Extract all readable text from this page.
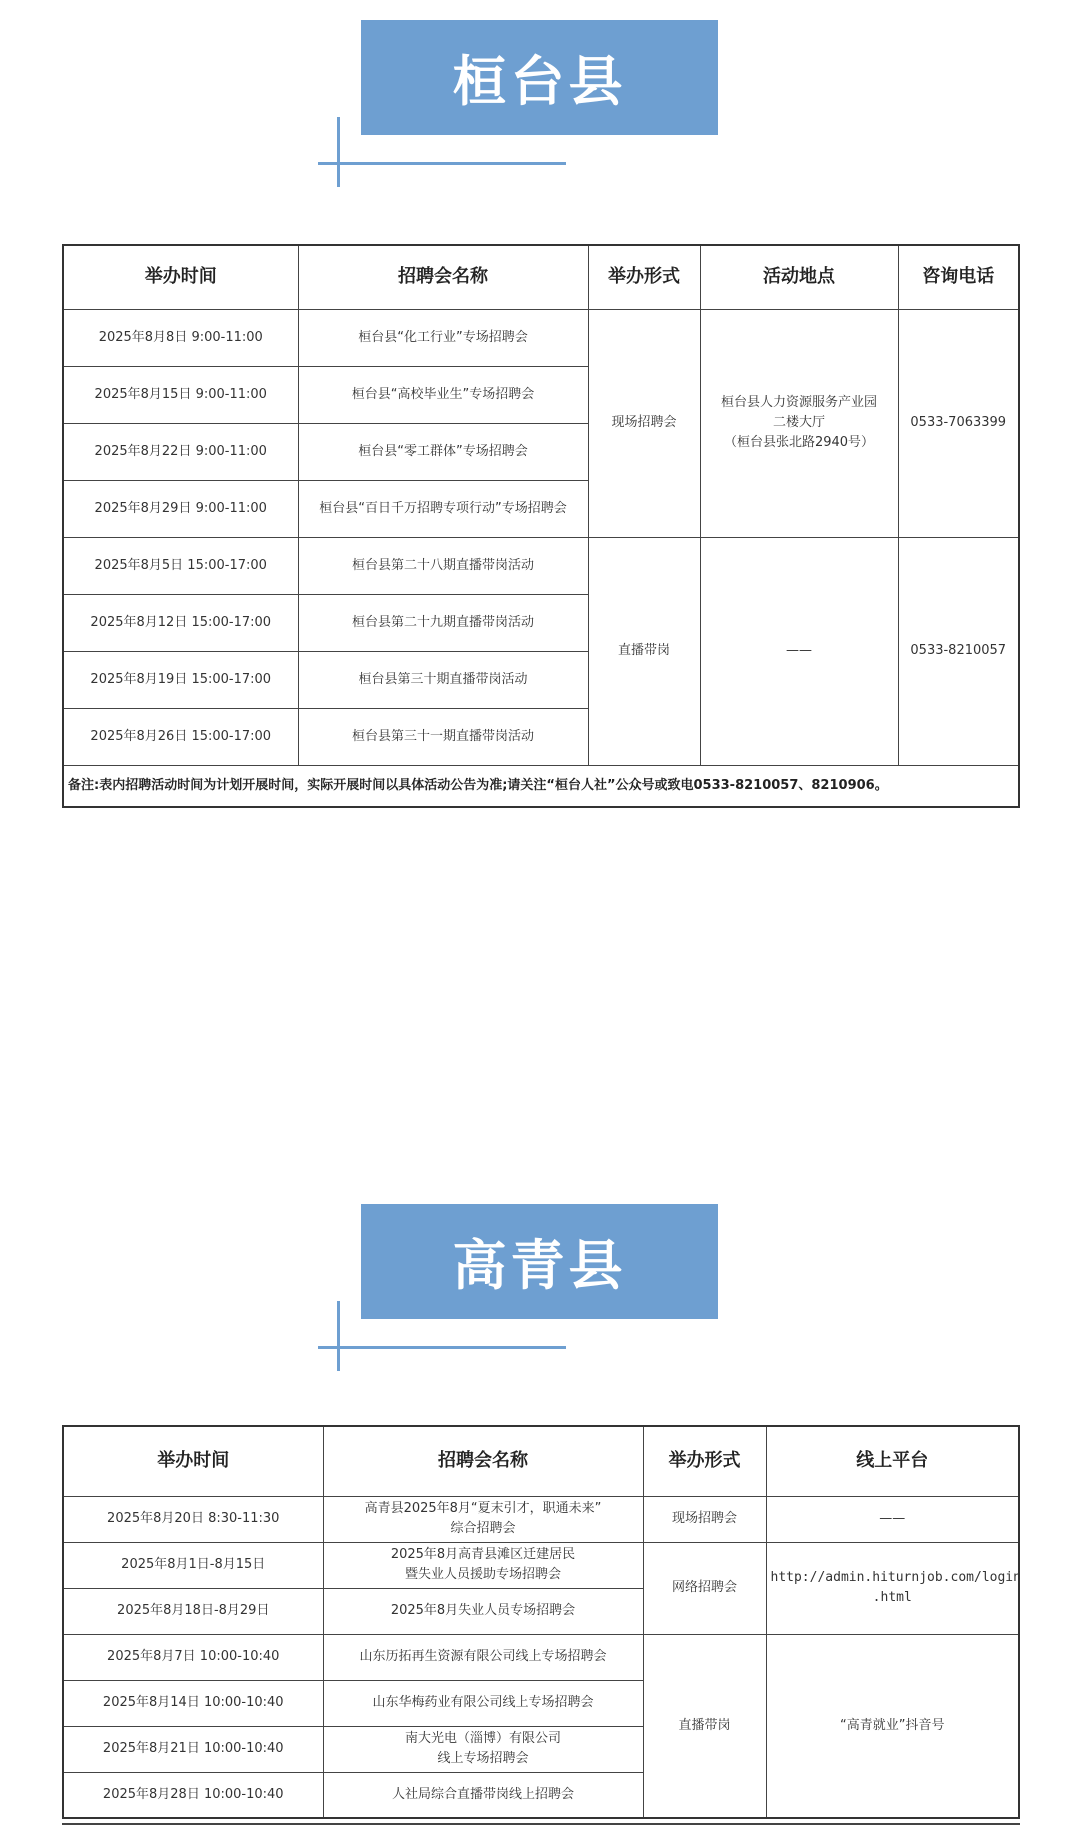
桓台县
举办时间	招聘会名称	举办形式	活动地点	咨询电话
2025年8月8日 9:00-11:00	桓台县“化工行业”专场招聘会	现场招聘会	桓台县人力资源服务产业园
二楼大厅
（桓台县张北路2940号）	0533-7063399
2025年8月15日 9:00-11:00	桓台县“高校毕业生”专场招聘会			
2025年8月22日 9:00-11:00	桓台县“零工群体”专场招聘会			
2025年8月29日 9:00-11:00	桓台县“百日千万招聘专项行动”专场招聘会			
2025年8月5日 15:00-17:00	桓台县第二十八期直播带岗活动	直播带岗	——	0533-8210057
2025年8月12日 15:00-17:00	桓台县第二十九期直播带岗活动			
2025年8月19日 15:00-17:00	桓台县第三十期直播带岗活动			
2025年8月26日 15:00-17:00	桓台县第三十一期直播带岗活动			
备注:表内招聘活动时间为计划开展时间，实际开展时间以具体活动公告为准;请关注“桓台人社”公众号或致电0533-8210057、8210906。				
高青县
举办时间	招聘会名称	举办形式	线上平台
2025年8月20日 8:30-11:30	高青县2025年8月“夏末引才，职通未来”
综合招聘会	现场招聘会	——
2025年8月1日-8月15日	2025年8月高青县滩区迁建居民
暨失业人员援助专场招聘会	网络招聘会	http://admin.hiturnjob.com/login
.html
2025年8月18日-8月29日	2025年8月失业人员专场招聘会		
2025年8月7日 10:00-10:40	山东历拓再生资源有限公司线上专场招聘会	直播带岗	“高青就业”抖音号
2025年8月14日 10:00-10:40	山东华梅药业有限公司线上专场招聘会		
2025年8月21日 10:00-10:40	南大光电（淄博）有限公司
线上专场招聘会		
2025年8月28日 10:00-10:40	人社局综合直播带岗线上招聘会		
